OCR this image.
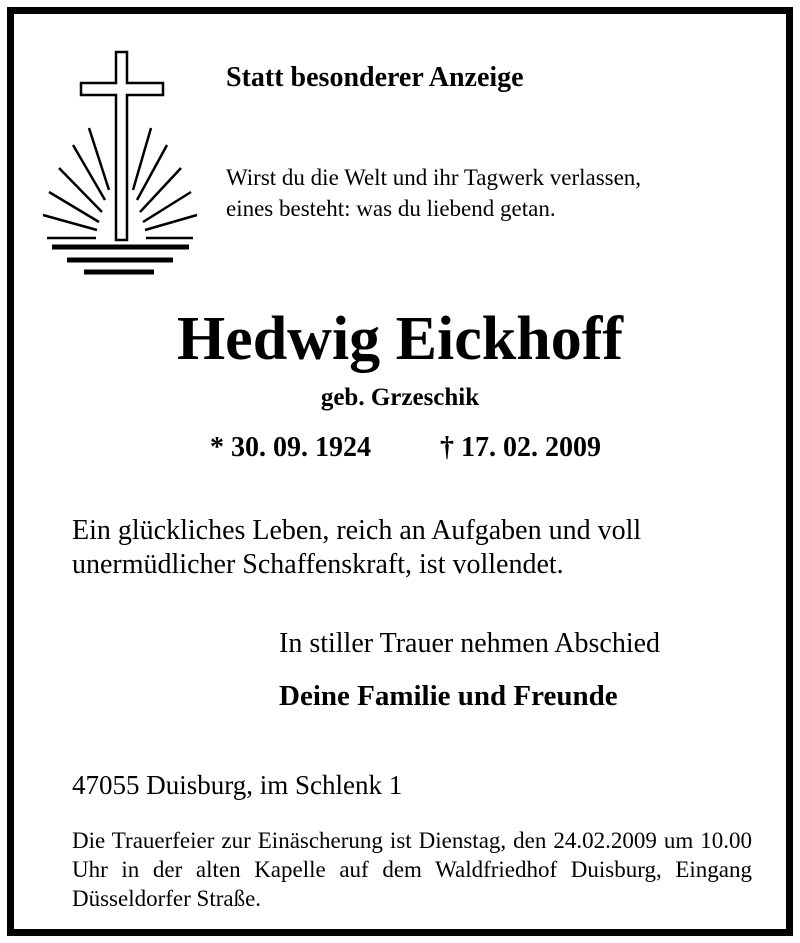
Statt besonderer Anzeige
Wirst du die Welt und ihr Tagwerk verlassen,
eines besteht: was du liebend getan.
Hedwig Eickhoff
geb. Grzeschik
* 30. 09. 1924 † 17. 02. 2009
Ein glückliches Leben, reich an Aufgaben und voll
unermüdlicher Schaffenskraft, ist vollendet.
In stiller Trauer nehmen Abschied
Deine Familie und Freunde
47055 Duisburg, im Schlenk 1
Die Trauerfeier zur Einäscherung ist Dienstag, den 24.02.2009 um 10.00 Uhr in der alten Kapelle auf dem Waldfriedhof Duisburg, Eingang Düsseldorfer Straße.
